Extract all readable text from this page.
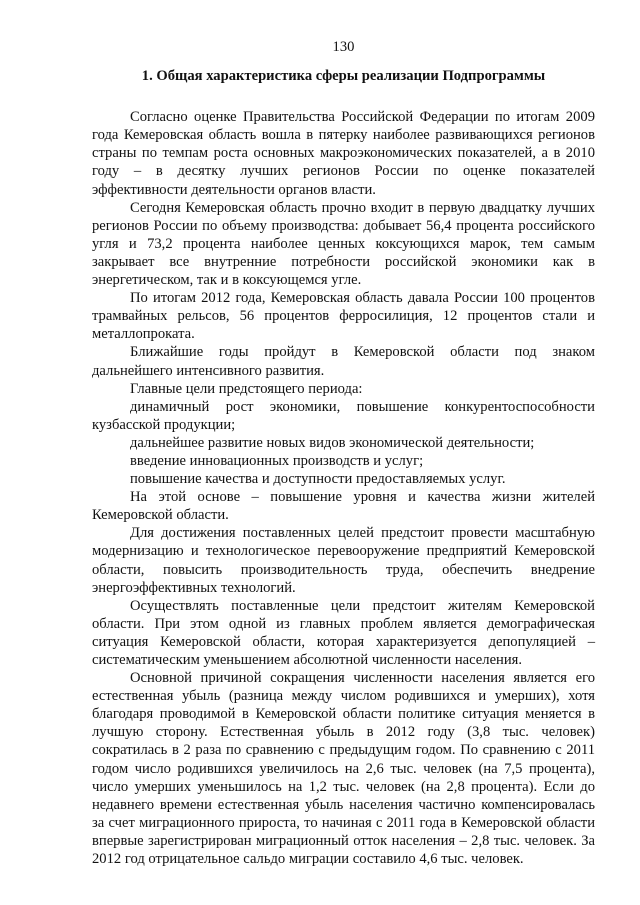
130
1. Общая характеристика сферы реализации Подпрограммы

Согласно оценке Правительства Российской Федерации по итогам 2009 года Кемеровская область вошла в пятерку наиболее развивающихся регионов страны по темпам роста основных макроэкономических показателей, а в 2010 году – в десятку лучших регионов России по оценке показателей эффективности деятельности органов власти.

Сегодня Кемеровская область прочно входит в первую двадцатку лучших регионов России по объему производства: добывает 56,4 процента российского угля и 73,2 процента наиболее ценных коксующихся марок, тем самым закрывает все внутренние потребности российской экономики как в энергетическом, так и в коксующемся угле.

По итогам 2012 года, Кемеровская область давала России 100 процентов трамвайных рельсов, 56 процентов ферросилиция, 12 процентов стали и металлопроката.

Ближайшие годы пройдут в Кемеровской области под знаком дальнейшего интенсивного развития.

Главные цели предстоящего периода:

динамичный рост экономики, повышение конкурентоспособности кузбасской продукции;

дальнейшее развитие новых видов экономической деятельности;

введение инновационных производств и услуг;

повышение качества и доступности предоставляемых услуг.

На этой основе – повышение уровня и качества жизни жителей Кемеровской области.

Для достижения поставленных целей предстоит провести масштабную модернизацию и технологическое перевооружение предприятий Кемеровской области, повысить производительность труда, обеспечить внедрение энергоэффективных технологий.

Осуществлять поставленные цели предстоит жителям Кемеровской области. При этом одной из главных проблем является демографическая ситуация Кемеровской области, которая характеризуется депопуляцией – систематическим уменьшением абсолютной численности населения.

Основной причиной сокращения численности населения является его естественная убыль (разница между числом родившихся и умерших), хотя благодаря проводимой в Кемеровской области политике ситуация меняется в лучшую сторону. Естественная убыль в 2012 году (3,8 тыс. человек) сократилась в 2 раза по сравнению с предыдущим годом. По сравнению с 2011 годом число родившихся увеличилось на 2,6 тыс. человек (на 7,5 процента), число умерших уменьшилось на 1,2 тыс. человек (на 2,8 процента). Если до недавнего времени естественная убыль населения частично компенсировалась за счет миграционного прироста, то начиная с 2011 года в Кемеровской области впервые зарегистрирован миграционный отток населения – 2,8 тыс. человек. За 2012 год отрицательное сальдо миграции составило 4,6 тыс. человек.
